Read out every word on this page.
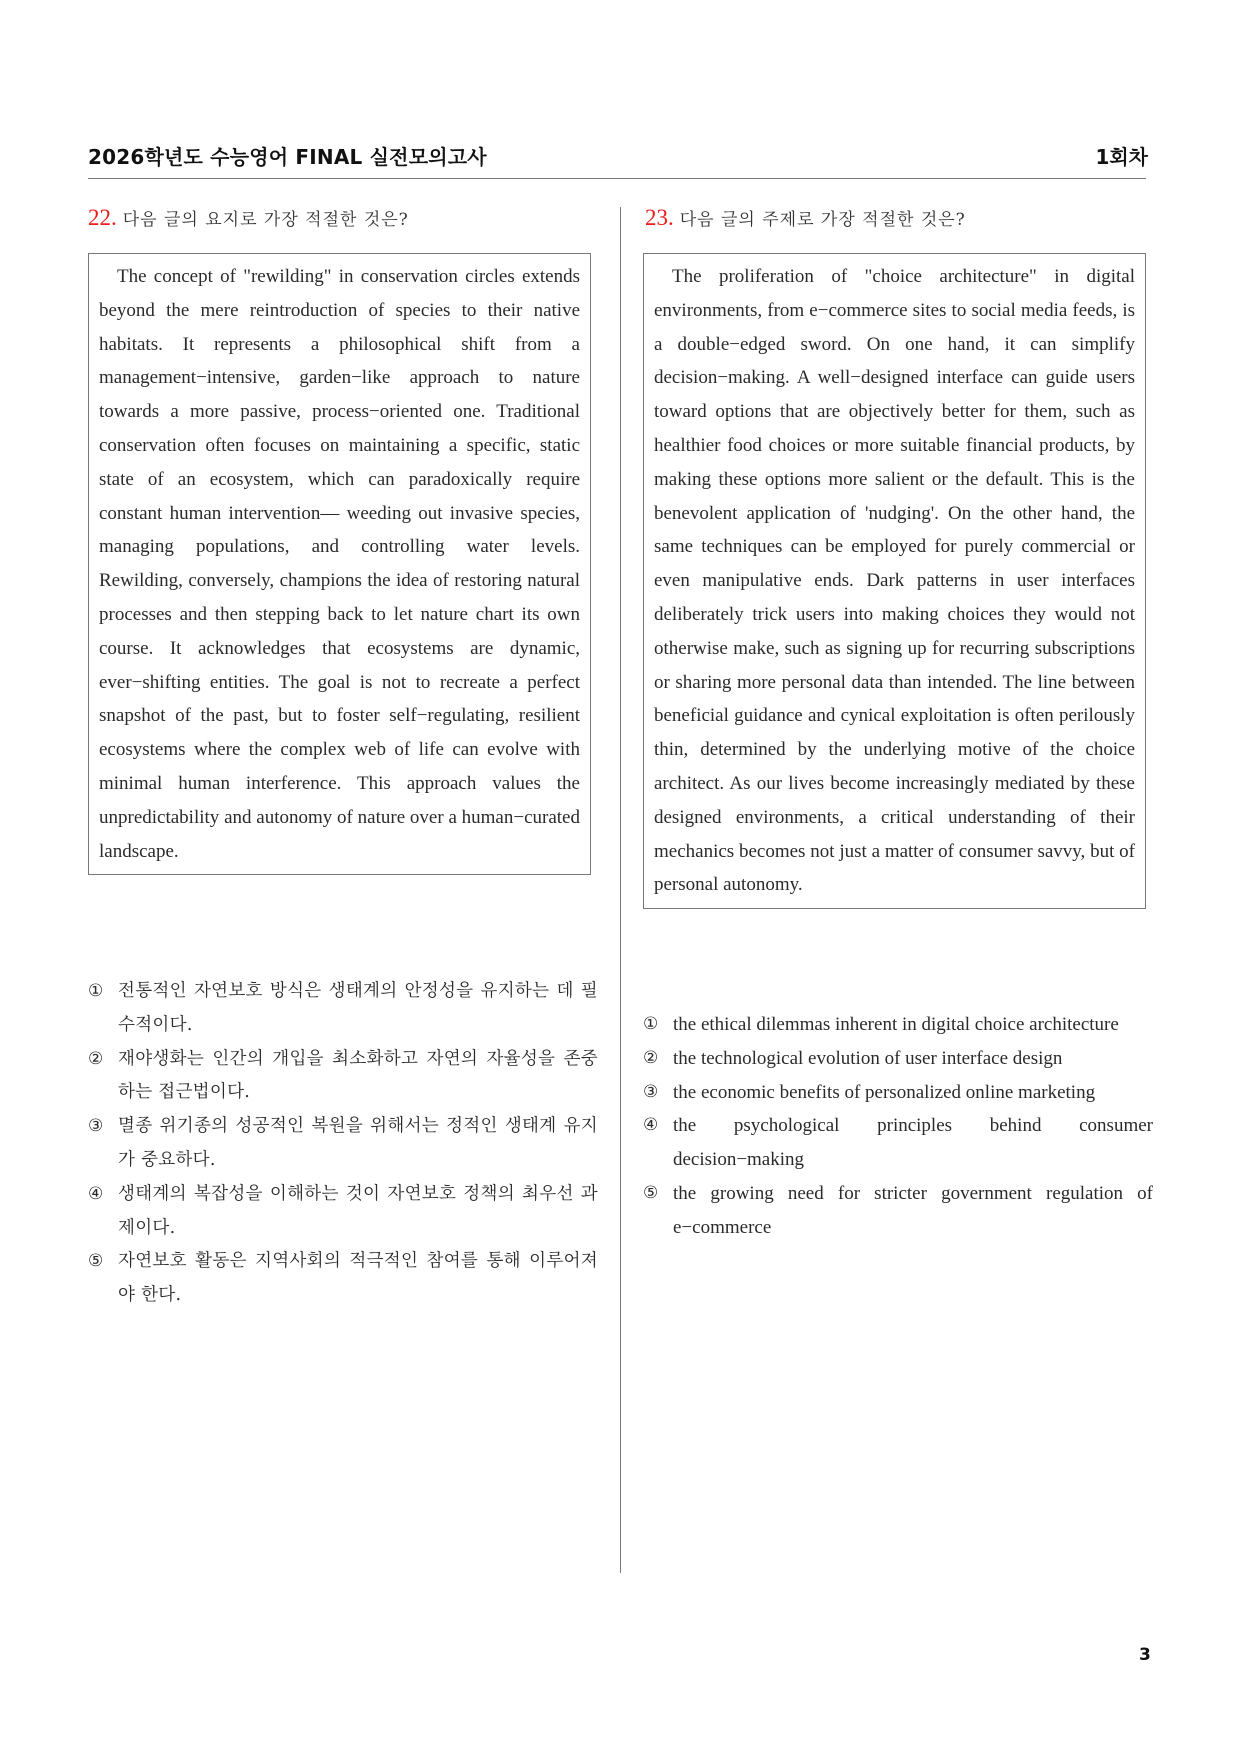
2026학년도 수능영어 FINAL 실전모의고사	1회차
22. 다음 글의 요지로 가장 적절한 것은?

The concept of "rewilding" in conservation circles extends beyond the mere reintroduction of species to their native habitats. It represents a philosophical shift from a management−intensive, garden−like approach to nature towards a more passive, process−oriented one. Traditional conservation often focuses on maintaining a specific, static state of an ecosystem, which can paradoxically require constant human intervention— weeding out invasive species, managing populations, and controlling water levels. Rewilding, conversely, champions the idea of restoring natural processes and then stepping back to let nature chart its own course. It acknowledges that ecosystems are dynamic, ever−shifting entities. The goal is not to recreate a perfect snapshot of the past, but to foster self−regulating, resilient ecosystems where the complex web of life can evolve with minimal human interference. This approach values the unpredictability and autonomy of nature over a human−curated landscape.

① 전통적인 자연보호 방식은 생태계의 안정성을 유지하는 데 필수적이다.
② 재야생화는 인간의 개입을 최소화하고 자연의 자율성을 존중하는 접근법이다.
③ 멸종 위기종의 성공적인 복원을 위해서는 정적인 생태계 유지가 중요하다.
④ 생태계의 복잡성을 이해하는 것이 자연보호 정책의 최우선 과제이다.
⑤ 자연보호 활동은 지역사회의 적극적인 참여를 통해 이루어져야 한다.
23. 다음 글의 주제로 가장 적절한 것은?

The proliferation of "choice architecture" in digital environments, from e−commerce sites to social media feeds, is a double−edged sword. On one hand, it can simplify decision−making. A well−designed interface can guide users toward options that are objectively better for them, such as healthier food choices or more suitable financial products, by making these options more salient or the default. This is the benevolent application of 'nudging'. On the other hand, the same techniques can be employed for purely commercial or even manipulative ends. Dark patterns in user interfaces deliberately trick users into making choices they would not otherwise make, such as signing up for recurring subscriptions or sharing more personal data than intended. The line between beneficial guidance and cynical exploitation is often perilously thin, determined by the underlying motive of the choice architect. As our lives become increasingly mediated by these designed environments, a critical understanding of their mechanics becomes not just a matter of consumer savvy, but of personal autonomy.

① the ethical dilemmas inherent in digital choice architecture
② the technological evolution of user interface design
③ the economic benefits of personalized online marketing
④ the psychological principles behind consumer decision−making
⑤ the growing need for stricter government regulation of e−commerce
3
